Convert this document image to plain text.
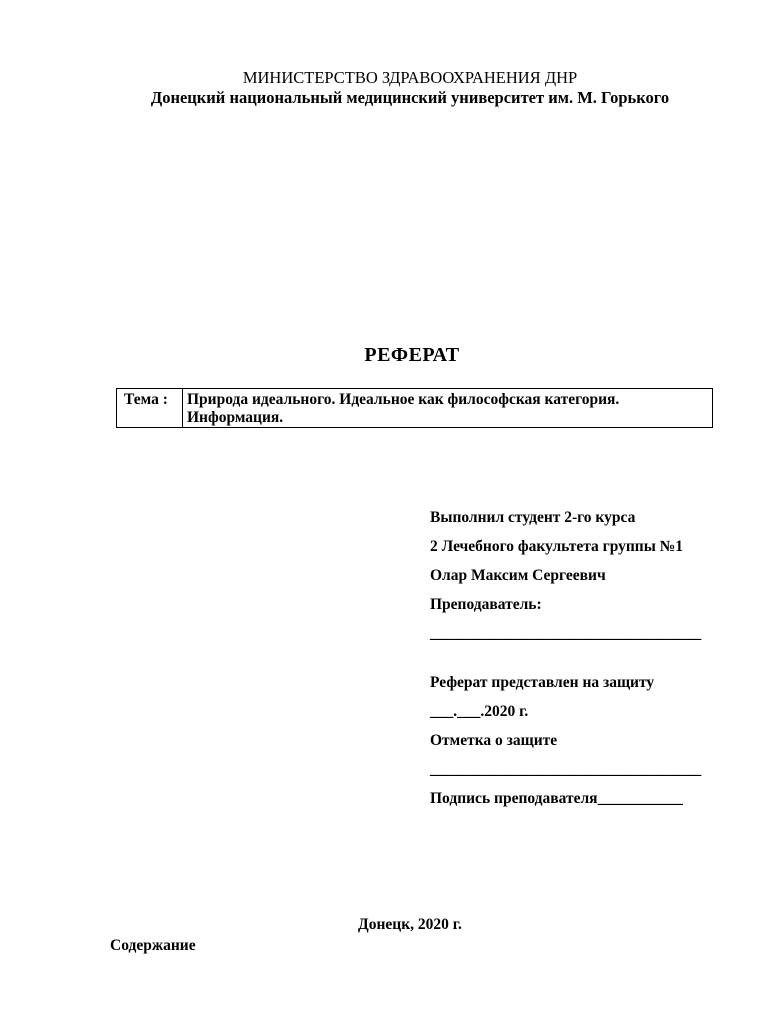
МИНИСТЕРСТВО ЗДРАВООХРАНЕНИЯ ДНР
Донецкий национальный медицинский университет им. М. Горького
РЕФЕРАТ
Тема :	Природа идеального. Идеальное как философская категория.
Информация.
Выполнил студент 2-го курса
2 Лечебного факультета группы №1
Олар Максим Сергеевич
Преподаватель:
___________________________________
Реферат представлен на защиту
___.___.2020 г.
Отметка о защите
___________________________________
Подпись преподавателя___________
Донецк, 2020 г.
Содержание
